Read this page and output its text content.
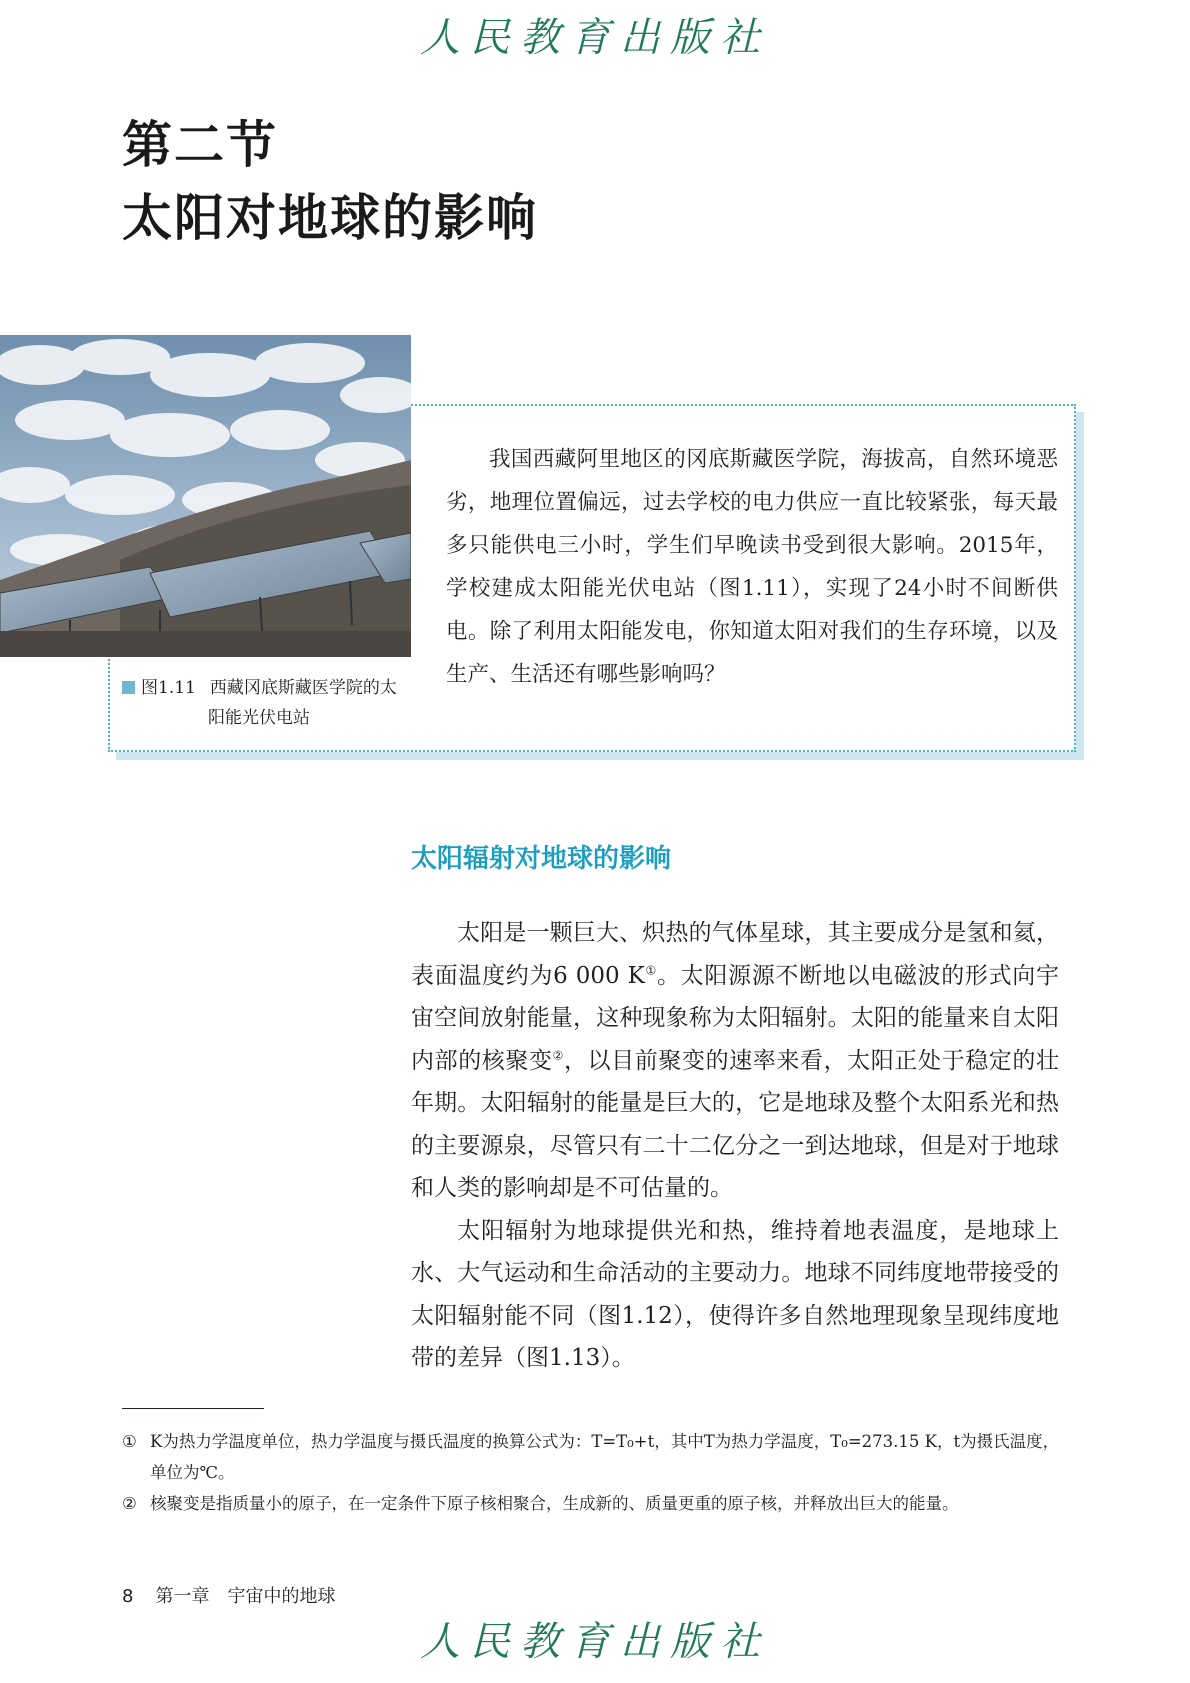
人民教育出版社
第二节
太阳对地球的影响
图1.11 西藏冈底斯藏医学院的太
阳能光伏电站

我国西藏阿里地区的冈底斯藏医学院，海拔高，自然环境恶劣，地理位置偏远，过去学校的电力供应一直比较紧张，每天最多只能供电三小时，学生们早晚读书受到很大影响。2015年，学校建成太阳能光伏电站（图1.11），实现了24小时不间断供电。除了利用太阳能发电，你知道太阳对我们的生存环境，以及生产、生活还有哪些影响吗？

太阳辐射对地球的影响

太阳是一颗巨大、炽热的气体星球，其主要成分是氢和氦，表面温度约为6 000 K①。太阳源源不断地以电磁波的形式向宇宙空间放射能量，这种现象称为太阳辐射。太阳的能量来自太阳内部的核聚变②，以目前聚变的速率来看，太阳正处于稳定的壮年期。太阳辐射的能量是巨大的，它是地球及整个太阳系光和热的主要源泉，尽管只有二十二亿分之一到达地球，但是对于地球和人类的影响却是不可估量的。

太阳辐射为地球提供光和热，维持着地表温度，是地球上水、大气运动和生命活动的主要动力。地球不同纬度地带接受的太阳辐射能不同（图1.12），使得许多自然地理现象呈现纬度地带的差异（图1.13）。

① K为热力学温度单位，热力学温度与摄氏温度的换算公式为：T=T₀+t，其中T为热力学温度，T₀=273.15 K，t为摄氏温度，单位为℃。
② 核聚变是指质量小的原子，在一定条件下原子核相聚合，生成新的、质量更重的原子核，并释放出巨大的能量。
8 第一章　宇宙中的地球
人民教育出版社
